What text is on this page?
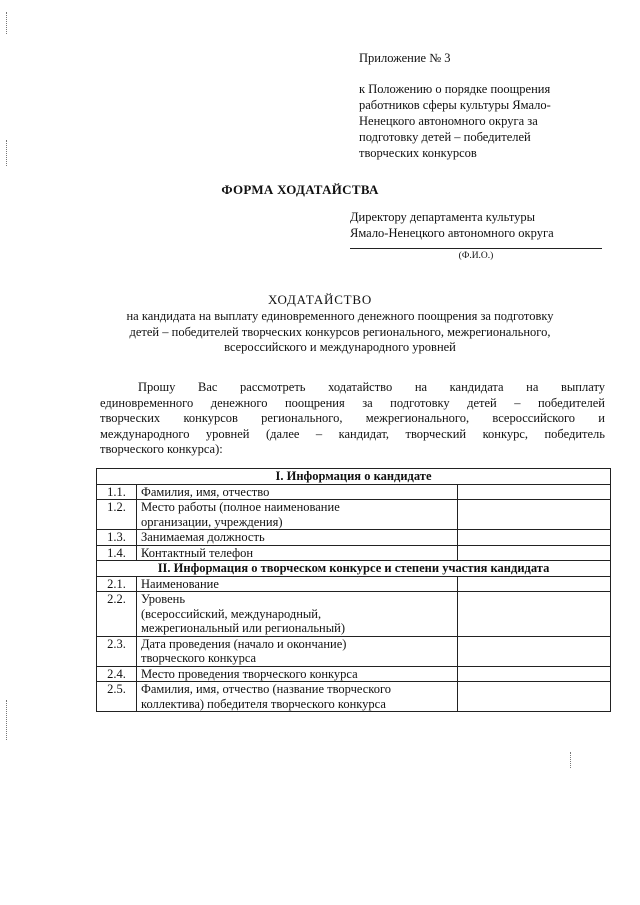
Приложение № 3
к Положению о порядке поощрения
работников сферы культуры Ямало-
Ненецкого автономного округа за
подготовку детей – победителей
творческих конкурсов
ФОРМА ХОДАТАЙСТВА
Директору департамента культуры
Ямало-Ненецкого автономного округа
(Ф.И.О.)
ХОДАТАЙСТВО
на кандидата на выплату единовременного денежного поощрения за подготовку
детей – победителей творческих конкурсов регионального, межрегионального,
всероссийского и международного уровней
Прошу Вас рассмотреть ходатайство на кандидата на выплату
единовременного денежного поощрения за подготовку детей – победителей
творческих конкурсов регионального, межрегионального, всероссийского и
международного уровней (далее – кандидат, творческий конкурс, победитель
творческого конкурса):
I. Информация о кандидате		
1.1.	Фамилия, имя, отчество	

1.2.	Место работы (полное наименование
организации, учреждения)	

1.3.	Занимаемая должность	

1.4.	Контактный телефон	

II. Информация о творческом конкурсе и степени участия кандидата		
2.1.	Наименование	

2.2.	Уровень
(всероссийский, международный,
межрегиональный или региональный)	

2.3.	Дата проведения (начало и окончание)
творческого конкурса	

2.4.	Место проведения творческого конкурса	

2.5.	Фамилия, имя, отчество (название творческого
коллектива) победителя творческого конкурса	
